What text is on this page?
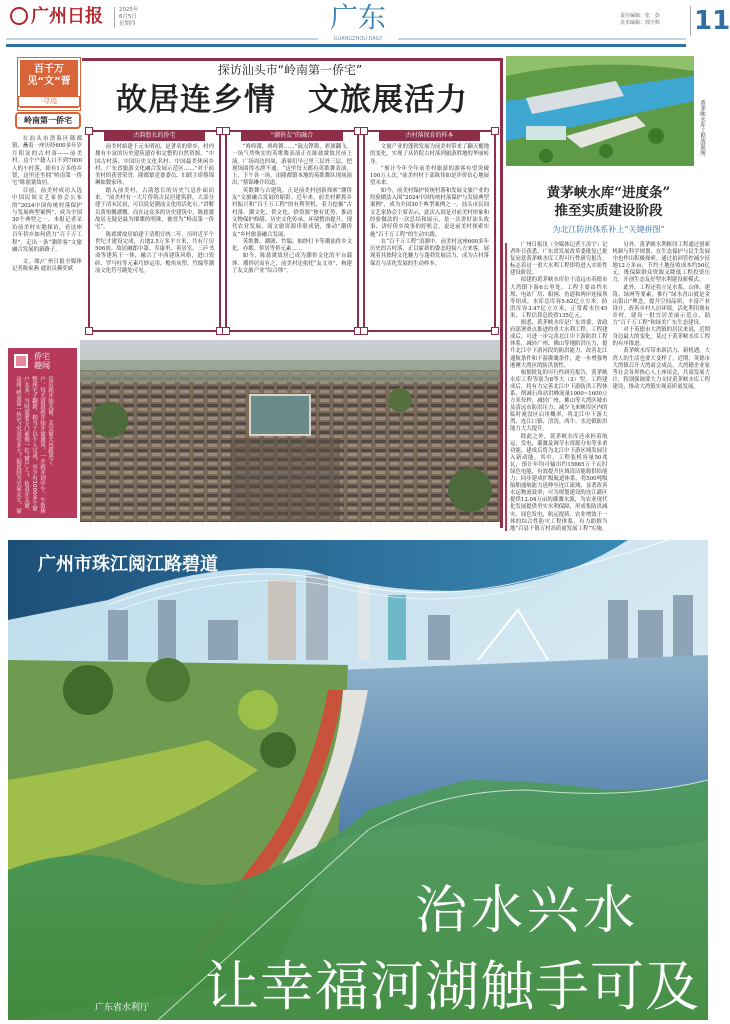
广州日报	2025年
6月5日
星期四	广东
GUANGZHOU DAILY
责任编辑：张　彭
美术编辑：郭宇辉 11
百千万
见“文”晋
·寻迹
岭南第一侨宅

在汕头市澄海区隆都镇，矗着一座历经600多年岁月积淀的古村落——前美村。这个户籍人口不到7000人的小村落，却有1万多的乡贤，这里还坐拥“岭南第一侨宅”陈慈黉故居。

目前，前美村成功入选中国民间文艺家协会公布的“2024中国传统村落保护与发展典型案例”，成为全国30个典型之一。本报记者采访前美村实地探访，看这座百年侨乡如何借力“百千万工程”，走出一条“潮侨客”文旅融合发展的新路子。

文、图/广州日报全媒体记者陈家燕 通讯员赖奕斌

侨宅趣闻
这座“岭南第一侨宅”究竟有多大？据说因为宅屋太大，窗户太多，当时需要专门雇佣一位“窗户工”，负责开关窗。整座宅子翻新，相当于以个人完成，至少有1000多个窗户。每天清晨就开始开窗通风，一开就开到中午，午饭休息后就开始关窗，关完窗天也就黑了。
探访汕头市“岭南第一侨宅”
故居连乡情　文旅展活力
古韵悠长的侨宅

前美村始建于元末明初，是著名的侨乡，村内拥有丰富的历史建筑遗存和完整的自然资源。“中国古村落、中国历史文化名村、中国最美休闲乡村、广东省旅游文化融合发展示范区……”对于前美村的获誉荣誉，隆都镇党委委员、妇联主席蔡锦琳如数家珍。

踏入前美村，古韵悠长的历史气息扑面而来。“前美村有一大片侨筑古民居建筑群，大部分建于清末民初，可以说是潮汕文化的活化石。”讲解员黄怡馨感慨。而在这众多的历史建筑中，陈慈黉故居无疑是最为璀璨的明珠，被誉为“岭南第一侨宅”。

陈慈黉故居始建于清朝宣统二年，历时近半个世纪才建设完成，占地2.5万多平方米，共有厅房506间。故居融郎中第、寿康里、善居室、三庐书斋等建筑于一体，融合了中西建筑风格，进口瓷砖、罗马柱等元素巧妙运用，檐角灰塑、竹编等潮汕文化符号随处可见。

“潮侨友”的融合

“咚咚锵，咚咚锵……”鼓点铿锵，彩旗翻飞。一场气势恢宏的英歌舞表演正在陈慈黉故居前上演。广场周边四周，游客们早已里三层外三层，把现场围得水泄不通。“这里每天都有英歌舞表演，上、下午各一场，由隆都镇本地的英歌舞队现场演出。”蔡锦琳介绍道。

英歌舞与古建筑，正是前美村创新探索“潮侨友”文旅融合发展的缩影。近年来，前美村紧抓乡村振兴和“百千万工程”的有利契机，着力挖掘“古村落、潮文化、侨文化、侨资源”独有优势，推动文物保护修缮、历史文化传承、环境整治提升、现代农业发展、商文旅资源串联成链，推动“潮侨友”乡村旅游融合发展。

英歌舞、潮剧、竹编、抽纱打卡等潮汕侨乡文化，亦都、侨居等侨元素……

如今，陈慈黉故居已成为潮侨文化的平台载体。潮侨居而有之，前美村还依托“友文章”，构建了友文旅产业“综合体”。

古村落保育的样本

文旅产业的蓬勃发展为前美村带来了翻天覆地的变化，实现了从侨院古村落到旅游胜地的华丽转身。

“预计今年全年前美村旅游的游客有望突破100万人次。”前美村村干部陈伟如是评价信心地展望未来。

如今，前美村保护传统村落和发展文旅产业的经验做法入围“2024中国传统村落保护与发展典型案例”，成为全国30个典型案例之一。汕头市民间文艺家协会主席表示，此次入围是对前美村形象和经验做法的一次总结和展示，是一次讲好汕头故事、讲好侨乡故事的好机会，更是前美村探索实施“百千万工程”的生动实践。

在“百千万工程”浪潮中，前美村这座600多年历史的古村落，正以崭新的姿态迎接八方来客，展现着其独特文化魅力与蓬勃发展活力，成为古村落保育与活化发展的生动样本。

黄茅峡水库工程效果图。
黄茅峡水库“进度条”
推至实质建设阶段
为北江防洪体系补上“关键拼图”

广州日报讯（全媒体记者王涛宇）记者昨日获悉，广东省发展改革委批复已批复同意黄茅峡水库工程可行性研究报告，标志着这一重大水利工程即将进入实质性建设阶段。

拟建的黄茅峡水库位于清远市英德市大湾镇下游6公里处，工程主要由挡水坝、电站厂房、船闸、鱼道和两岸连接坝等组成。水库总库容5.62亿立方米，防洪库容3.47亿立方米，正常蓄水位45米，工程估算总投资135亿元。

据悉，黄茅峡水库是广东省委、省政府部署重点推进的重大水利工程。工程建成后，可进一步完善北江中下游防洪工程体系，减轻广州、佛山等地防洪压力，提升北江中下游河段的防洪能力，改善北江通航条件和下游灌溉条件，进一步增强粤港澳大湾区的防洪韧性。

根据批复的可行性研究报告，黄茅峡水库工程等别为Ⅱ等大（2）型。工程建成后，将有力完善北江中下游防洪工程体系，削减石角站洪峰流量1000~1600立方米每秒，减轻广州、佛山等大湾区城市及清远市防洪压力，减少飞来峡库区内的临时淹没区启用概率，将北江中下游大湾、连江口镇、浛洸、西牛、水边镇防洪能力大大提升。

除此之外，黄茅峡水库还承担着航运、发电、灌溉及调节水资源分布等多重功能，建成后将为北江中下游区域发展注入新动能。其中，工程装机容量50兆瓦，预计年均可输出约15665万千瓦时绿色电能，有效提升区域清洁能源供给能力；同步建成扩级航道体系，将500吨级船舶通航能力延伸至连江流域，显著改善水运物流效率；可为规划建设的连江灌区提供12.04万亩的灌溉水源，为农业现代化发展提供坚实水利保障，形成集防洪减灾、绿色发电、航运提质、农业增效于一体的综合性防灾工程体系，有力助推当地“百县千镇万村高质量发展工程”实施。

另外，黄茅峡水利枢纽工程通过创新机制与科学规划，在生态保护与民生发展中也作出积极探索。通过拍回管控减少征地12万多亩，节约土地征收成本约50亿元，既保障群众资源又降低工程投资压力，开创生态友好型水利建设新模式。

此外，工程还将立足水系、山体、建筑、绿网等要素，推行“绿水青山就是金山银山”理念，提升空间品质，丰富产业设计，改善乡村人居环境，活化利用现有乡村，建设一批宜居美丽示范点，助力“百千万工程”和绿美广东生态建设。

对于英德市大湾镇的居民来说，近期身边最大的变化，莫过于黄茅峡水库工程的有序推进。

黄茅峡水库带来新活力、新机遇，大湾人的生活也要大变样了。近期，英德市大湾镇召开大湾商会成员、大湾籍企业家等社会各界热心人士座谈会，共商发展大计，特别强调要大力支持黄茅峡水库工程建设，推动大湾镇实现高质量发展。

广州市珠江阅江路碧道
治水兴水
让幸福河湖触手可及
广东省水利厅
